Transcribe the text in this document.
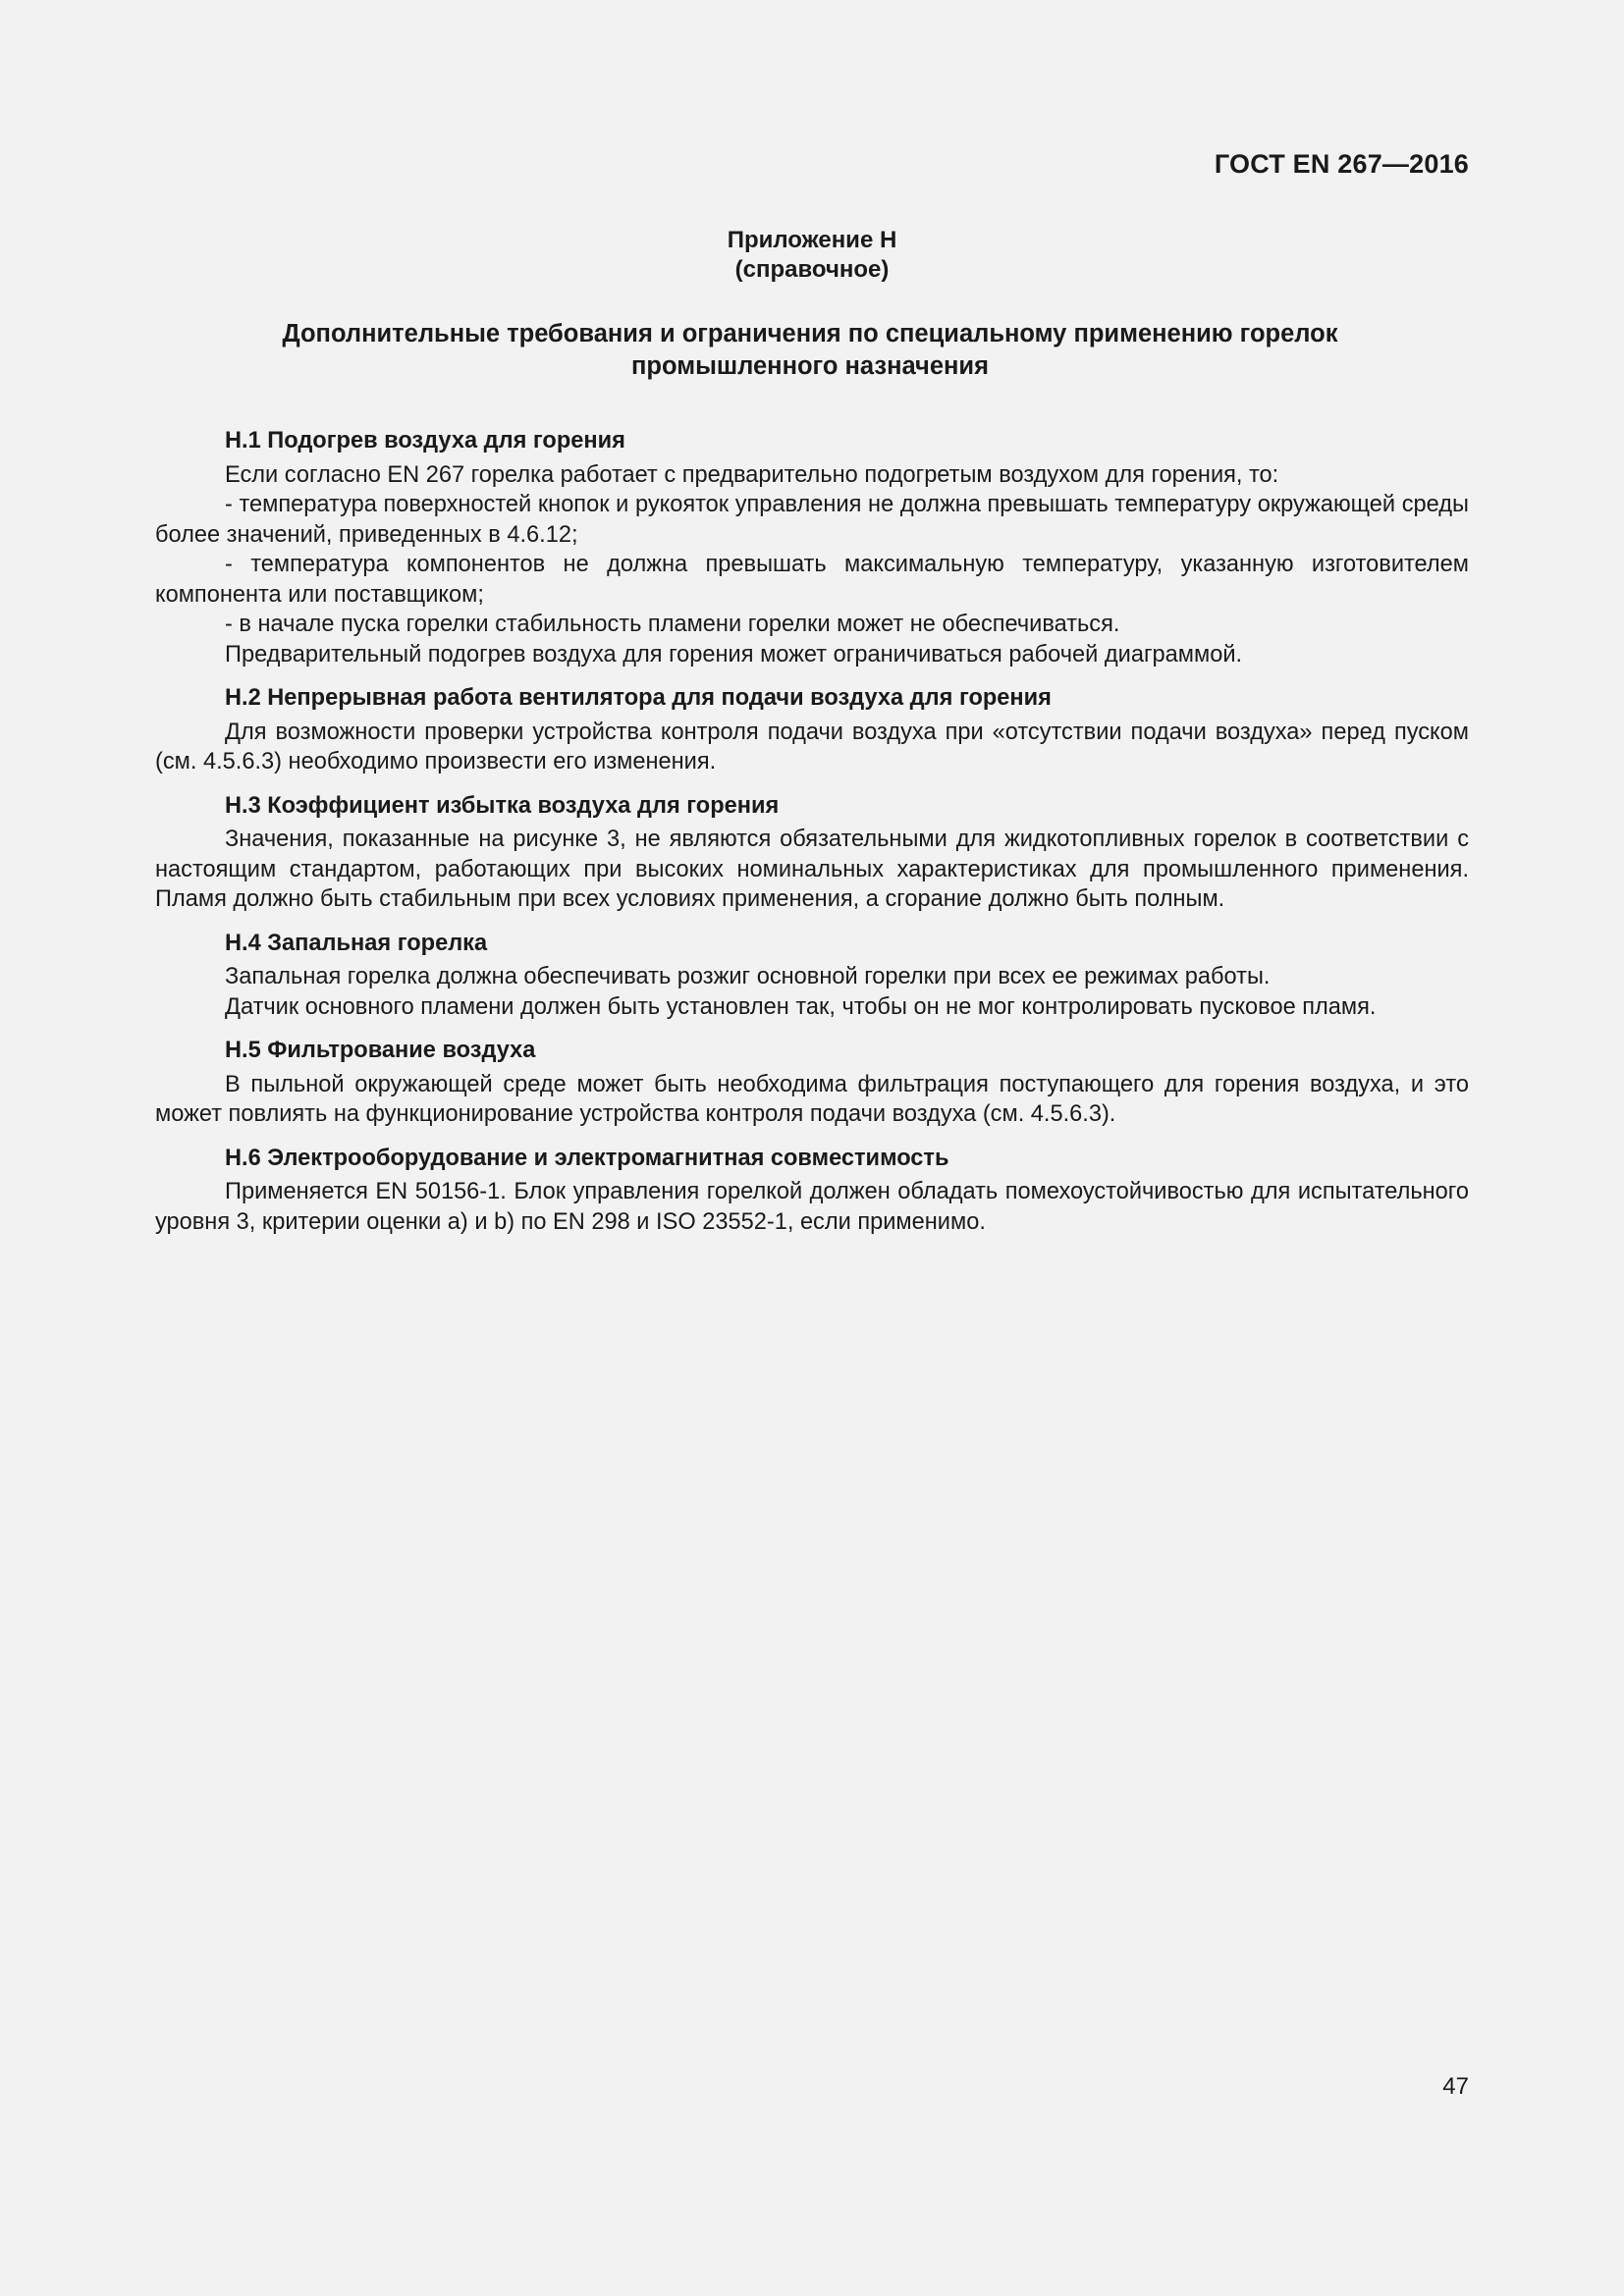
ГОСТ EN 267—2016
Приложение Н
(справочное)
Дополнительные требования и ограничения по специальному применению горелок
промышленного назначения

Н.1 Подогрев воздуха для горения

Если согласно EN 267 горелка работает с предварительно подогретым воздухом для горения, то:

- температура поверхностей кнопок и рукояток управления не должна превышать температуру окружающей среды более значений, приведенных в 4.6.12;

- температура компонентов не должна превышать максимальную температуру, указанную изготовителем компонента или поставщиком;

- в начале пуска горелки стабильность пламени горелки может не обеспечиваться.

Предварительный подогрев воздуха для горения может ограничиваться рабочей диаграммой.

Н.2 Непрерывная работа вентилятора для подачи воздуха для горения

Для возможности проверки устройства контроля подачи воздуха при «отсутствии подачи воздуха» перед пуском (см. 4.5.6.3) необходимо произвести его изменения.

Н.3 Коэффициент избытка воздуха для горения

Значения, показанные на рисунке 3, не являются обязательными для жидкотопливных горелок в соответствии с настоящим стандартом, работающих при высоких номинальных характеристиках для промышленного применения. Пламя должно быть стабильным при всех условиях применения, а сгорание должно быть полным.

Н.4 Запальная горелка

Запальная горелка должна обеспечивать розжиг основной горелки при всех ее режимах работы.

Датчик основного пламени должен быть установлен так, чтобы он не мог контролировать пусковое пламя.

Н.5 Фильтрование воздуха

В пыльной окружающей среде может быть необходима фильтрация поступающего для горения воздуха, и это может повлиять на функционирование устройства контроля подачи воздуха (см. 4.5.6.3).

Н.6 Электрооборудование и электромагнитная совместимость

Применяется EN 50156-1. Блок управления горелкой должен обладать помехоустойчивостью для испытательного уровня 3, критерии оценки a) и b) по EN 298 и ISO 23552-1, если применимо.

47
